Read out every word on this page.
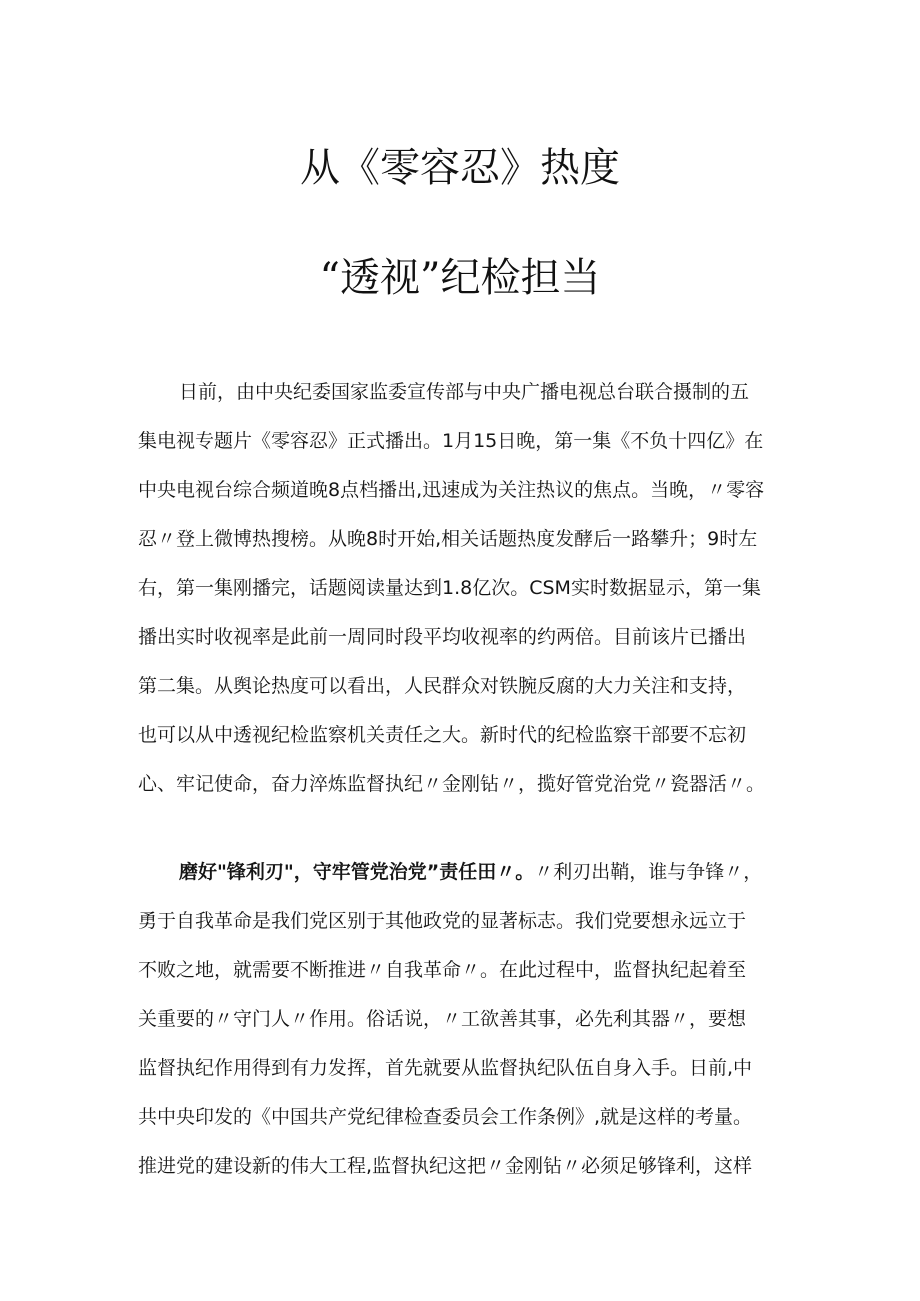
从《零容忍》热度
“透视”纪检担当
日前，由中央纪委国家监委宣传部与中央广播电视总台联合摄制的五
集电视专题片《零容忍》正式播出。1月15日晚，第一集《不负十四亿》在
中央电视台综合频道晚8点档播出,迅速成为关注热议的焦点。当晚，〃零容
忍〃登上微博热搜榜。从晚8时开始,相关话题热度发酵后一路攀升；9时左
右，第一集刚播完，话题阅读量达到1.8亿次。CSM实时数据显示，第一集
播出实时收视率是此前一周同时段平均收视率的约两倍。目前该片已播出
第二集。从舆论热度可以看出，人民群众对铁腕反腐的大力关注和支持，
也可以从中透视纪检监察机关责任之大。新时代的纪检监察干部要不忘初
心、牢记使命，奋力淬炼监督执纪〃金刚钻〃，揽好管党治党〃瓷器活〃。
磨好"锋利刃"，守牢管党治党”责任田〃。〃利刃出鞘，谁与争锋〃，
勇于自我革命是我们党区别于其他政党的显著标志。我们党要想永远立于
不败之地，就需要不断推进〃自我革命〃。在此过程中，监督执纪起着至
关重要的〃守门人〃作用。俗话说，〃工欲善其事，必先利其器〃，要想
监督执纪作用得到有力发挥，首先就要从监督执纪队伍自身入手。日前,中
共中央印发的《中国共产党纪律检查委员会工作条例》,就是这样的考量。
推进党的建设新的伟大工程,监督执纪这把〃金刚钻〃必须足够锋利，这样
